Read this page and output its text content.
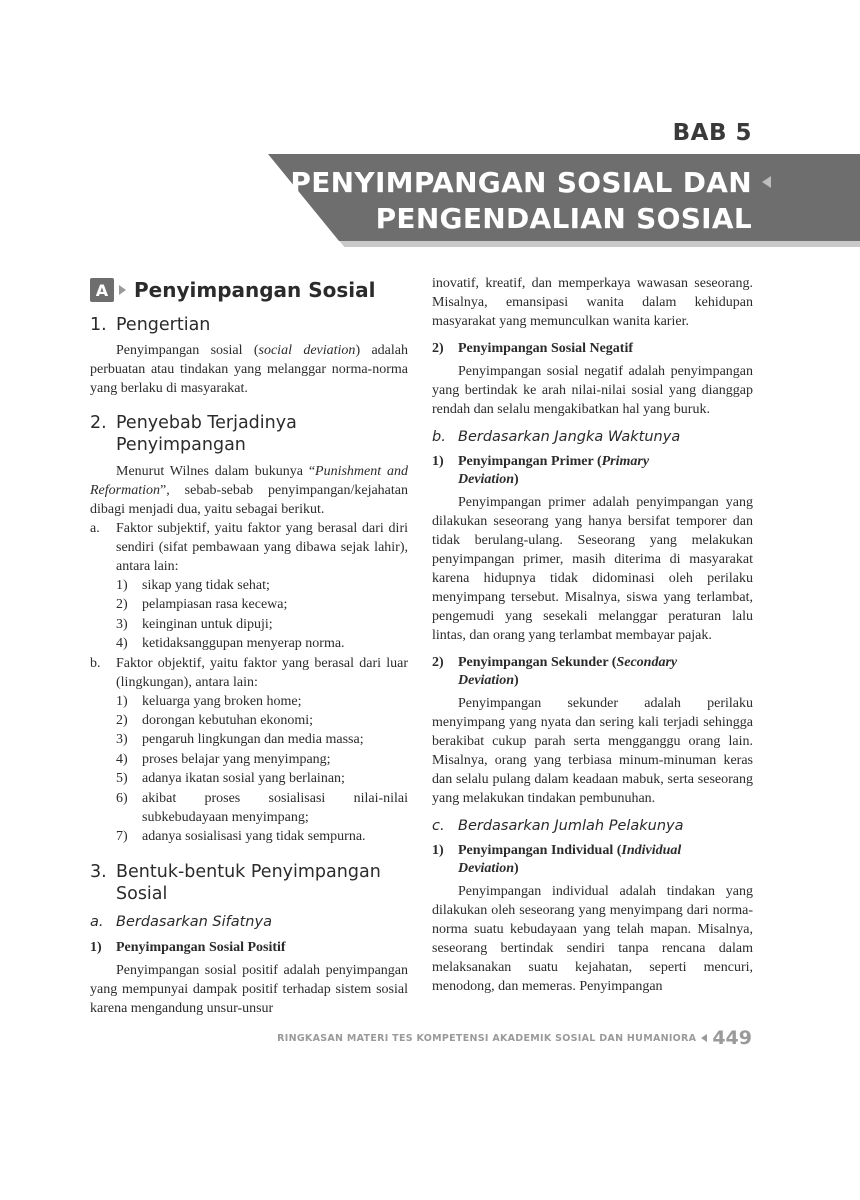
BAB 5
PENYIMPANGAN SOSIAL DAN
PENGENDALIAN SOSIAL
A Penyimpangan Sosial
1. Pengertian

Penyimpangan sosial (social deviation) adalah perbuatan atau tindakan yang melanggar norma-norma yang berlaku di masyarakat.

2. Penyebab Terjadinya
Penyimpangan

Menurut Wilnes dalam bukunya “Punishment and Reformation”, sebab-sebab penyimpangan/kejahatan dibagi menjadi dua, yaitu sebagai berikut.

a.	Faktor subjektif, yaitu faktor yang berasal dari diri sendiri (sifat pembawaan yang dibawa sejak lahir), antara lain:
1)	sikap yang tidak sehat;
2)	pelampiasan rasa kecewa;
3)	keinginan untuk dipuji;
4)	ketidaksanggupan menyerap norma.
b.	Faktor objektif, yaitu faktor yang berasal dari luar (lingkungan), antara lain:
1)	keluarga yang broken home;
2)	dorongan kebutuhan ekonomi;
3)	pengaruh lingkungan dan media massa;
4)	proses belajar yang menyimpang;
5)	adanya ikatan sosial yang berlainan;
6)	akibat proses sosialisasi nilai-nilai subkebudayaan menyimpang;
7)	adanya sosialisasi yang tidak sempurna.
3. Bentuk-bentuk Penyimpangan
Sosial
a. Berdasarkan Sifatnya
1)	Penyimpangan Sosial Positif

Penyimpangan sosial positif adalah penyimpangan yang mempunyai dampak positif terhadap sistem sosial karena mengandung unsur-unsur

inovatif, kreatif, dan memperkaya wawasan seseorang. Misalnya, emansipasi wanita dalam kehidupan masyarakat yang memunculkan wanita karier.

2)	Penyimpangan Sosial Negatif

Penyimpangan sosial negatif adalah penyimpangan yang bertindak ke arah nilai-nilai sosial yang dianggap rendah dan selalu mengakibatkan hal yang buruk.

b. Berdasarkan Jangka Waktunya
1)	Penyimpangan Primer (Primary
Deviation)

Penyimpangan primer adalah penyimpangan yang dilakukan seseorang yang hanya bersifat temporer dan tidak berulang-ulang. Seseorang yang melakukan penyimpangan primer, masih diterima di masyarakat karena hidupnya tidak didominasi oleh perilaku menyimpang tersebut. Misalnya, siswa yang terlambat, pengemudi yang sesekali melanggar peraturan lalu lintas, dan orang yang terlambat membayar pajak.

2)	Penyimpangan Sekunder (Secondary
Deviation)

Penyimpangan sekunder adalah perilaku menyimpang yang nyata dan sering kali terjadi sehingga berakibat cukup parah serta mengganggu orang lain. Misalnya, orang yang terbiasa minum-minuman keras dan selalu pulang dalam keadaan mabuk, serta seseorang yang melakukan tindakan pembunuhan.

c. Berdasarkan Jumlah Pelakunya
1)	Penyimpangan Individual (Individual
Deviation)

Penyimpangan individual adalah tindakan yang dilakukan oleh seseorang yang menyimpang dari norma-norma suatu kebudayaan yang telah mapan. Misalnya, seseorang bertindak sendiri tanpa rencana dalam melaksanakan suatu kejahatan, seperti mencuri, menodong, dan memeras. Penyimpangan

RINGKASAN MATERI TES KOMPETENSI AKADEMIK SOSIAL DAN HUMANIORA 449
